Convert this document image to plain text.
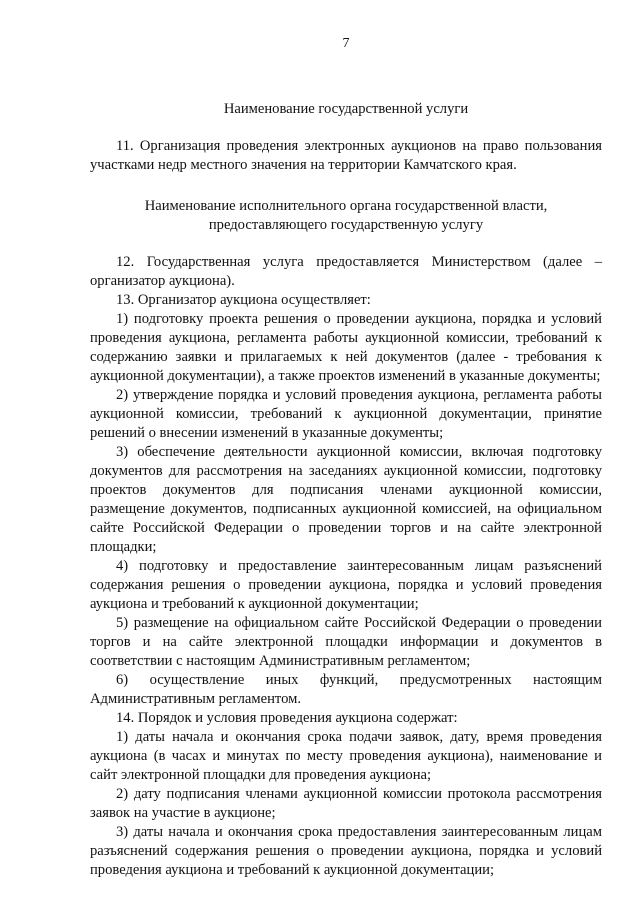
7
Наименование государственной услуги

11. Организация проведения электронных аукционов на право пользования участками недр местного значения на территории Камчатского края.

Наименование исполнительного органа государственной власти, предоставляющего государственную услугу

12. Государственная услуга предоставляется Министерством (далее – организатор аукциона).

13. Организатор аукциона осуществляет:

1) подготовку проекта решения о проведении аукциона, порядка и условий проведения аукциона, регламента работы аукционной комиссии, требований к содержанию заявки и прилагаемых к ней документов (далее - требования к аукционной документации), а также проектов изменений в указанные документы;

2) утверждение порядка и условий проведения аукциона, регламента работы аукционной комиссии, требований к аукционной документации, принятие решений о внесении изменений в указанные документы;

3) обеспечение деятельности аукционной комиссии, включая подготовку документов для рассмотрения на заседаниях аукционной комиссии, подготовку проектов документов для подписания членами аукционной комиссии, размещение документов, подписанных аукционной комиссией, на официальном сайте Российской Федерации о проведении торгов и на сайте электронной площадки;

4) подготовку и предоставление заинтересованным лицам разъяснений содержания решения о проведении аукциона, порядка и условий проведения аукциона и требований к аукционной документации;

5) размещение на официальном сайте Российской Федерации о проведении торгов и на сайте электронной площадки информации и документов в соответствии с настоящим Административным регламентом;

6) осуществление иных функций, предусмотренных настоящим Административным регламентом.

14. Порядок и условия проведения аукциона содержат:

1) даты начала и окончания срока подачи заявок, дату, время проведения аукциона (в часах и минутах по месту проведения аукциона), наименование и сайт электронной площадки для проведения аукциона;

2) дату подписания членами аукционной комиссии протокола рассмотрения заявок на участие в аукционе;

3) даты начала и окончания срока предоставления заинтересованным лицам разъяснений содержания решения о проведении аукциона, порядка и условий проведения аукциона и требований к аукционной документации;
